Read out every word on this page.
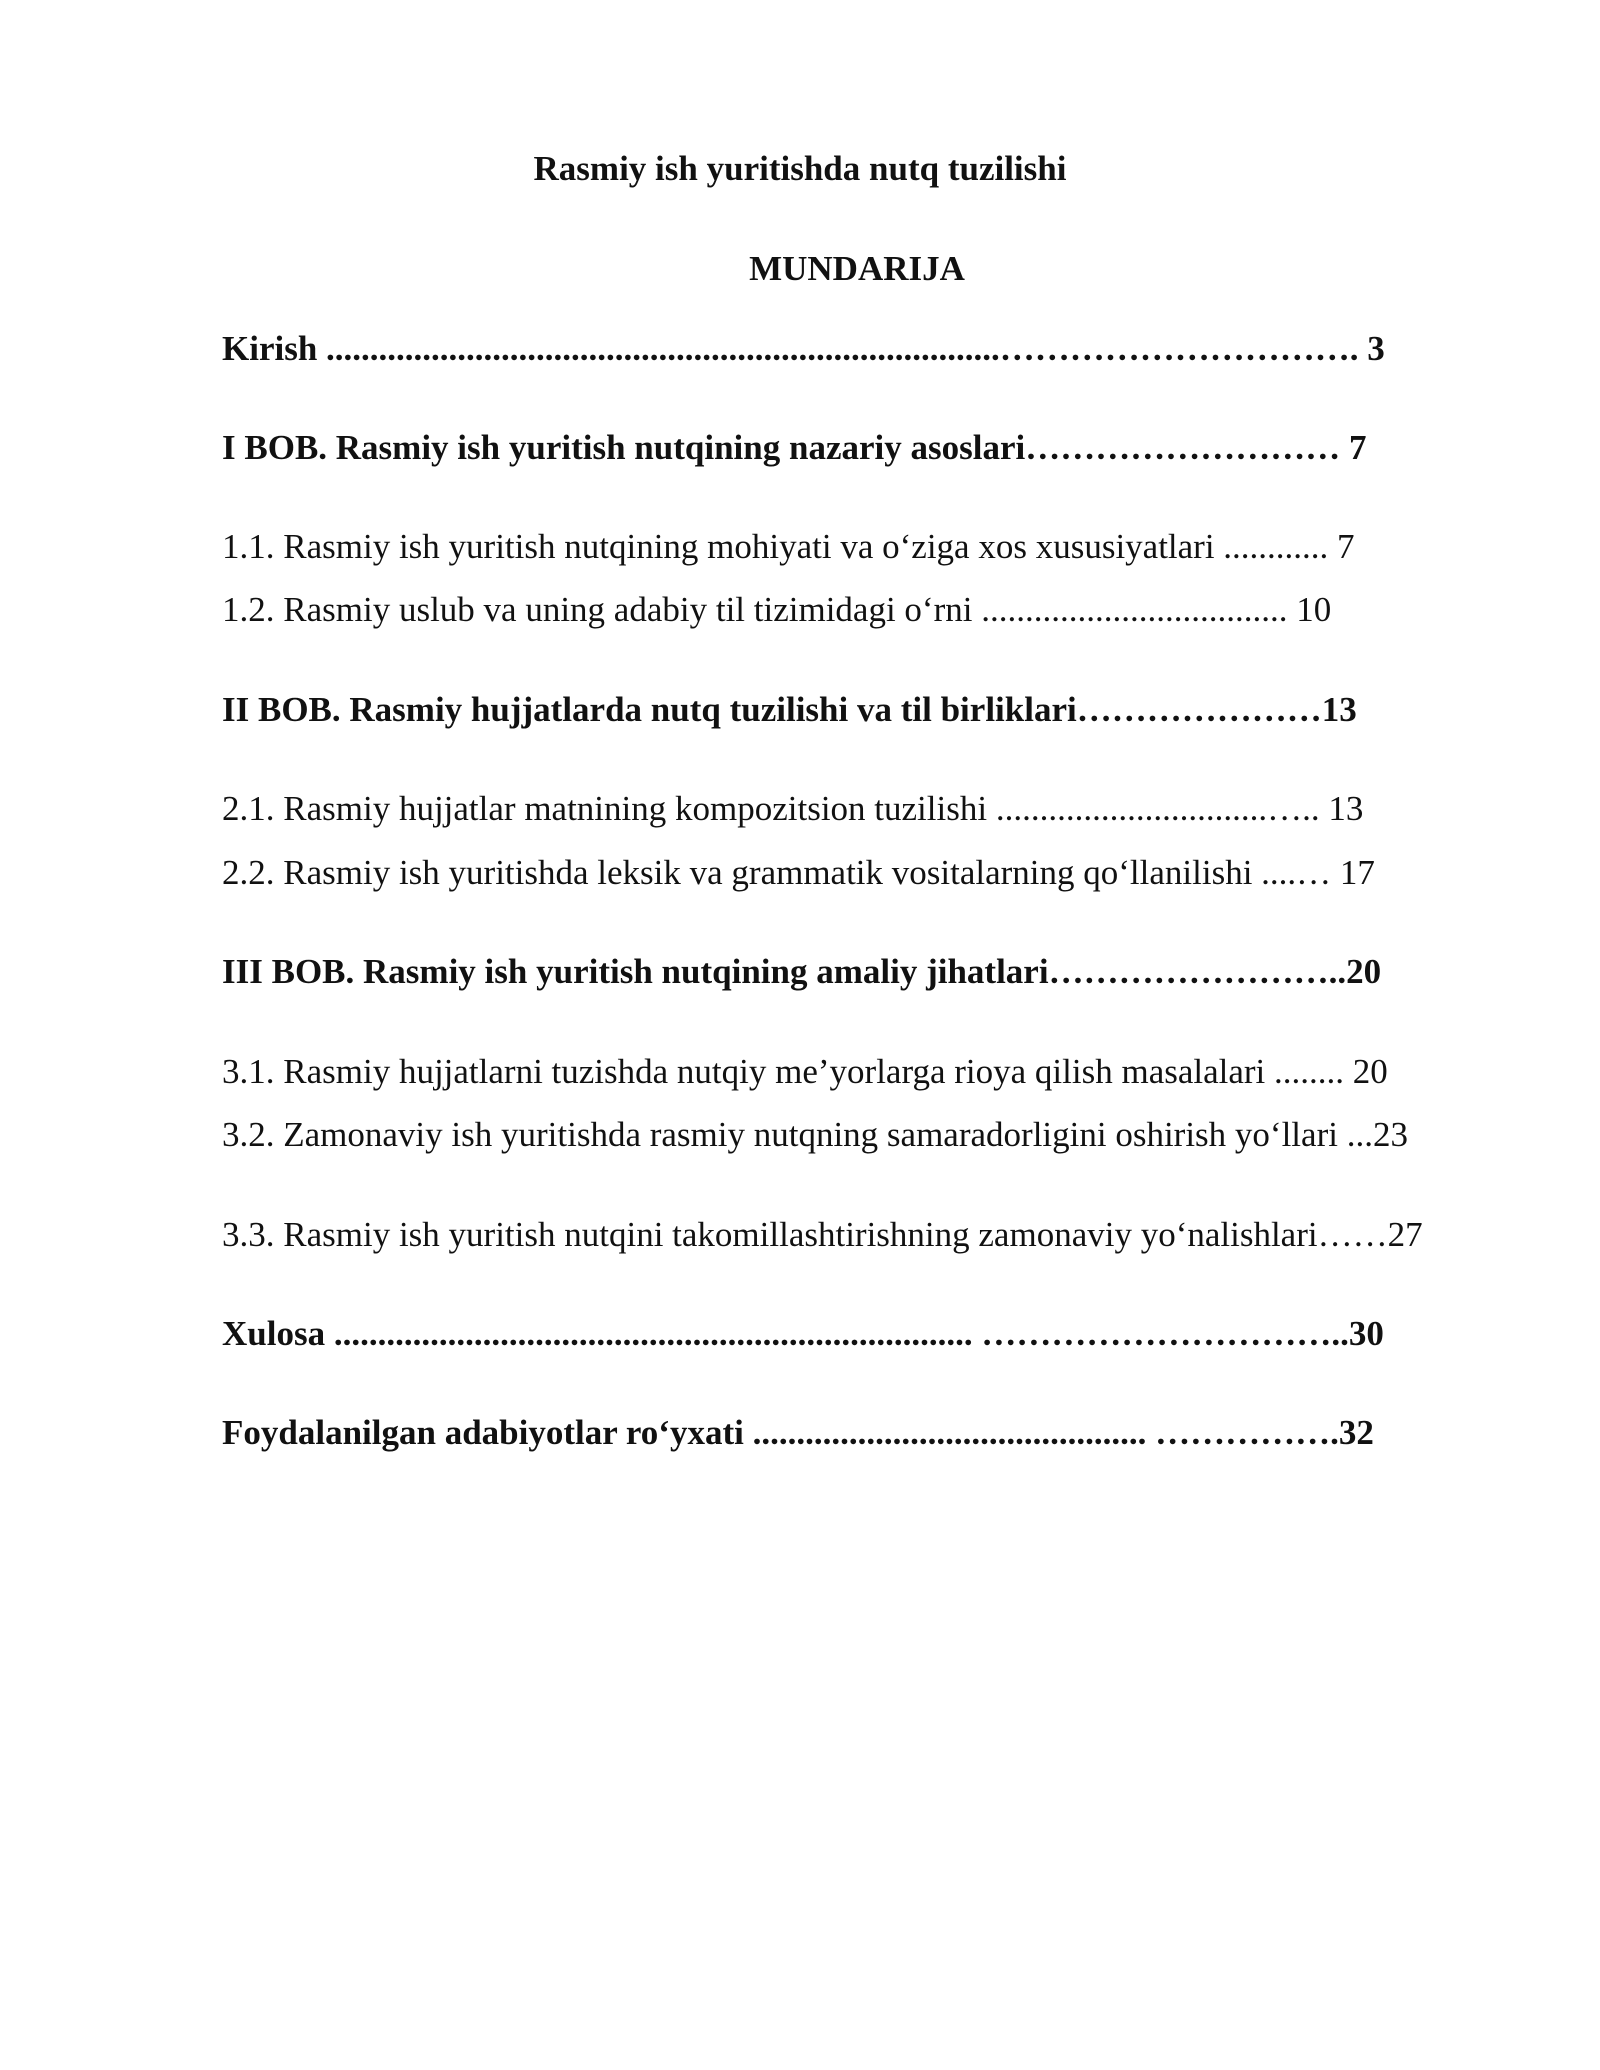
Rasmiy ish yuritishda nutq tuzilishi
MUNDARIJA
Kirish .............................................................................…………………………. 3
I BOB. Rasmiy ish yuritish nutqining nazariy asoslari……………………… 7
1.1. Rasmiy ish yuritish nutqining mohiyati va o‘ziga xos xususiyatlari ............ 7
1.2. Rasmiy uslub va uning adabiy til tizimidagi o‘rni ................................... 10
II BOB. Rasmiy hujjatlarda nutq tuzilishi va til birliklari…………………13
2.1. Rasmiy hujjatlar matnining kompozitsion tuzilishi ...............................….. 13
2.2. Rasmiy ish yuritishda leksik va grammatik vositalarning qo‘llanilishi ....… 17
III BOB. Rasmiy ish yuritish nutqining amaliy jihatlari……………………..20
3.1. Rasmiy hujjatlarni tuzishda nutqiy me’yorlarga rioya qilish masalalari ........ 20
3.2. Zamonaviy ish yuritishda rasmiy nutqning samaradorligini oshirish yo‘llari ...23
3.3. Rasmiy ish yuritish nutqini takomillashtirishning zamonaviy yo‘nalishlari……27
Xulosa ......................................................................... …………………………..30
Foydalanilgan adabiyotlar ro‘yxati ............................................. …………….32
